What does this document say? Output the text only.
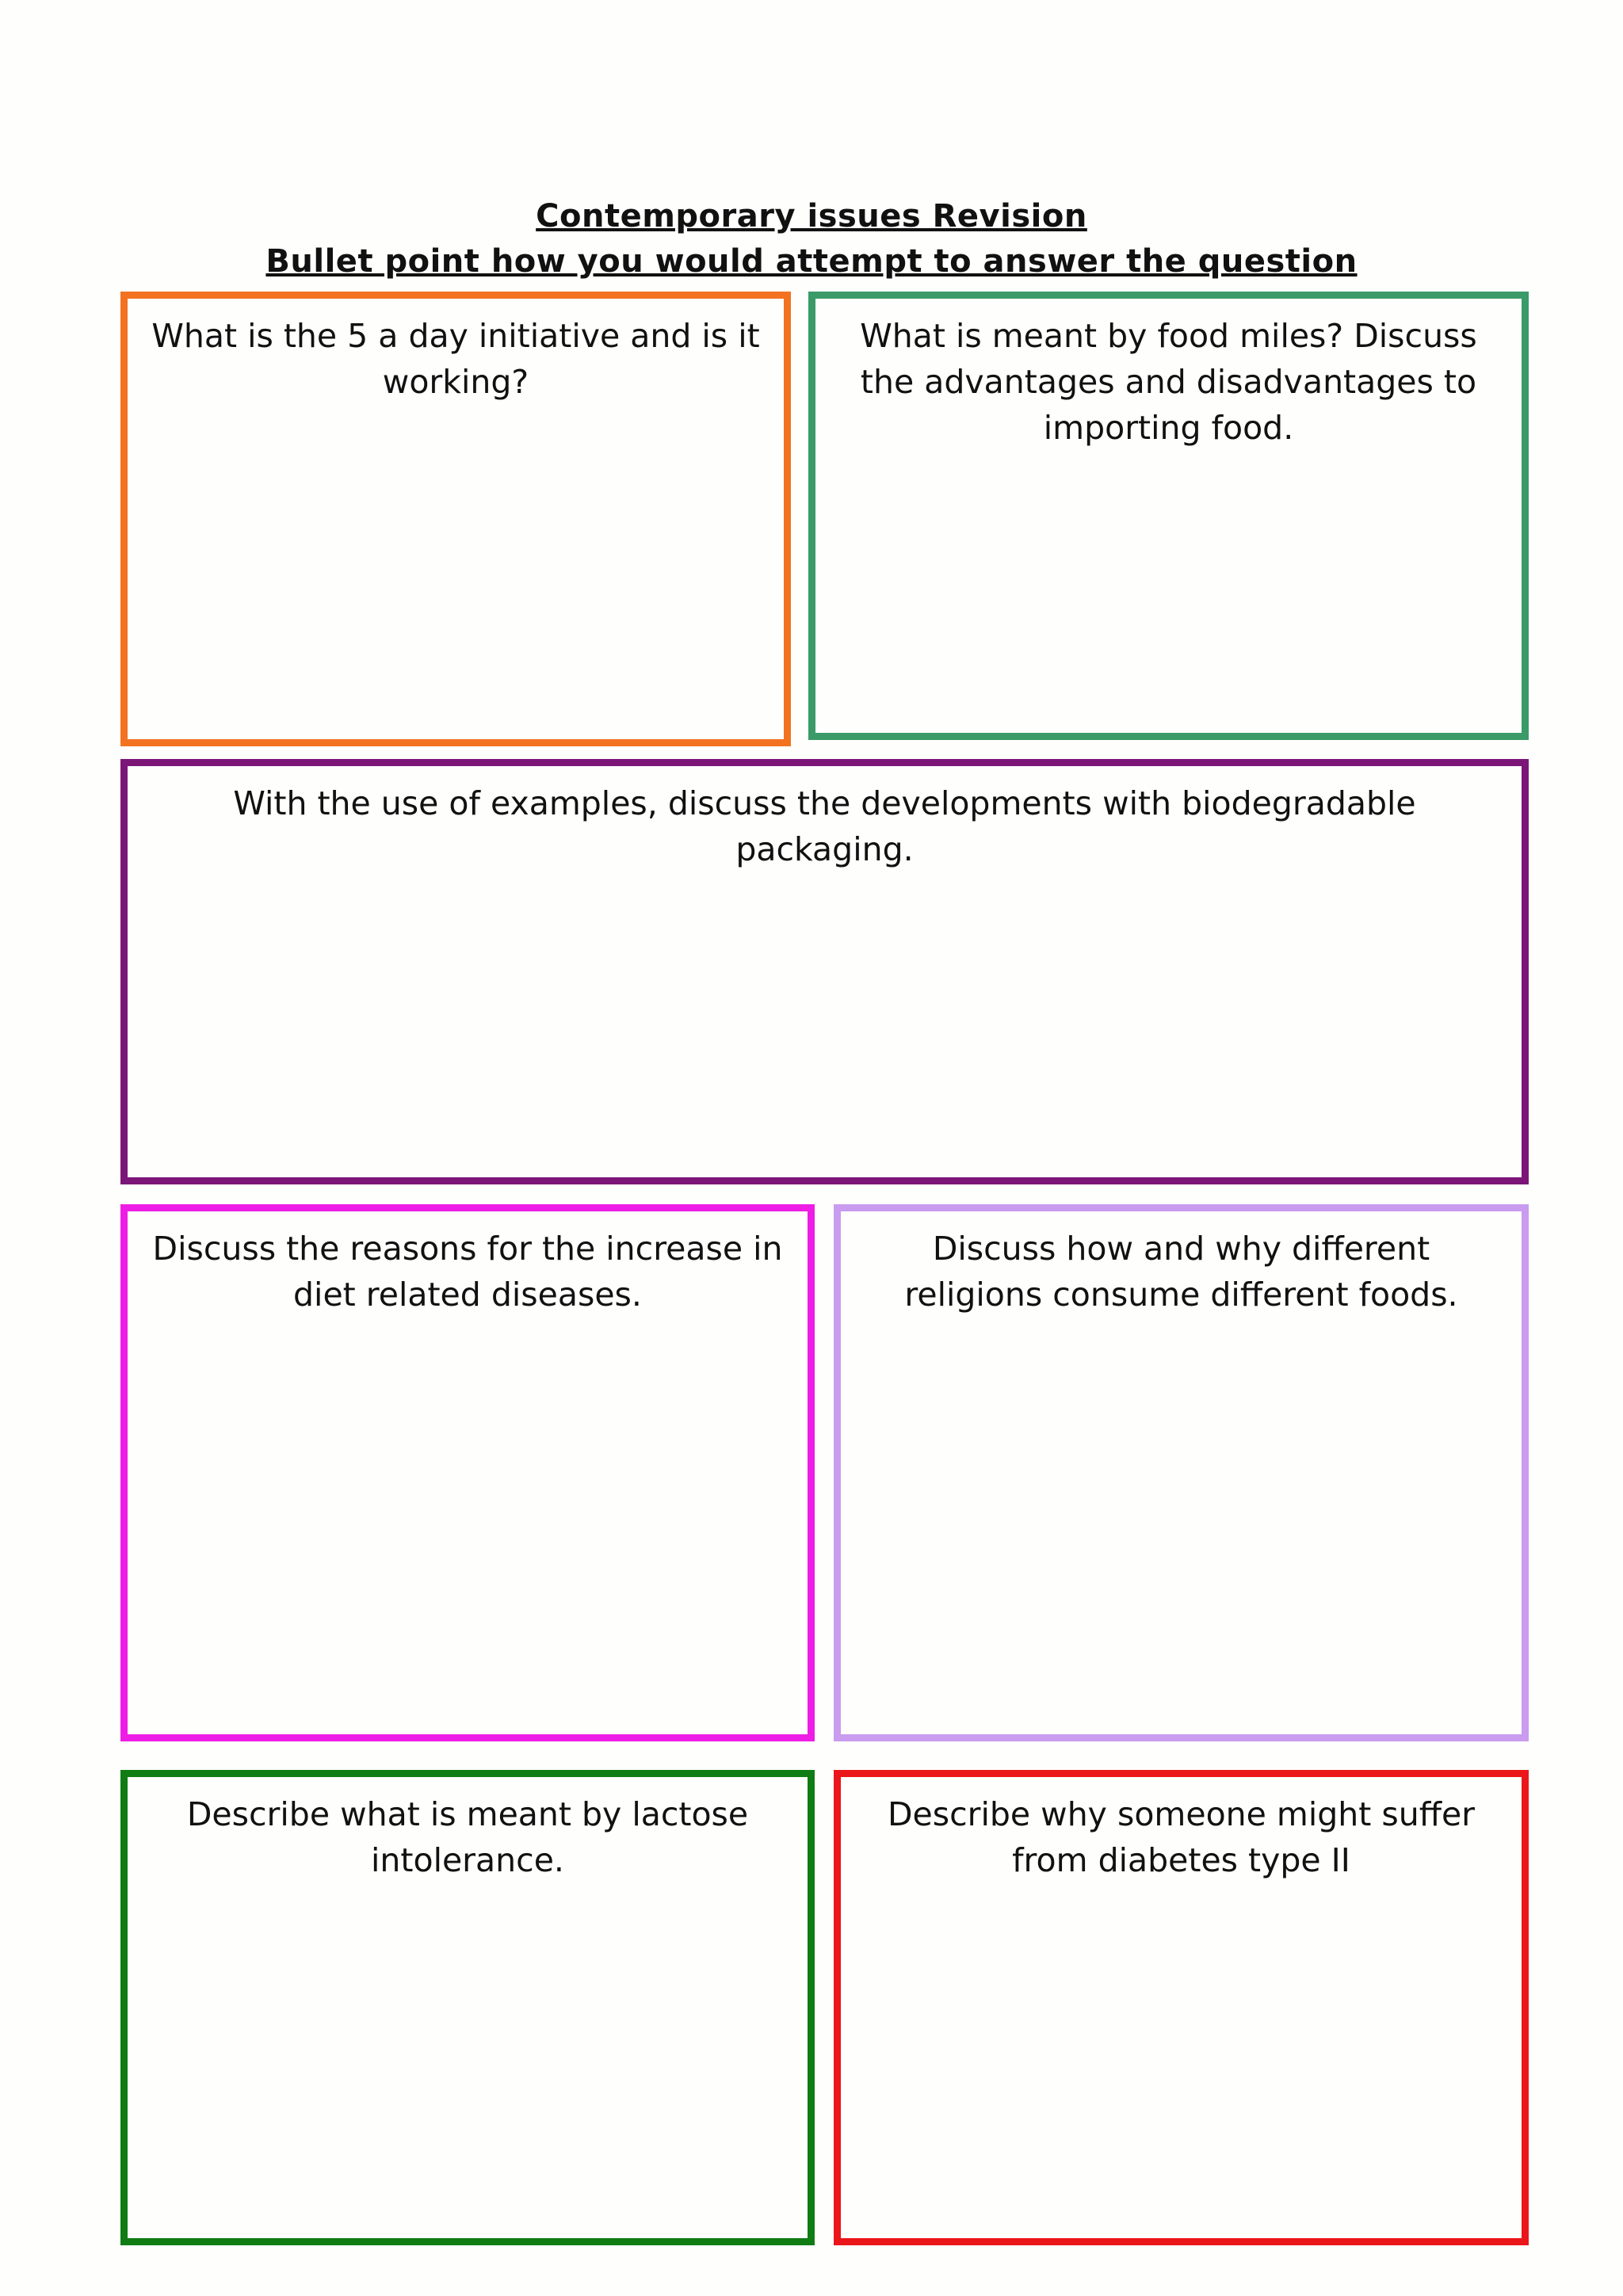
Contemporary issues Revision
Bullet point how you would attempt to answer the question
What is the 5 a day initiative and is it working?
What is meant by food miles? Discuss the advantages and disadvantages to importing food.
With the use of examples, discuss the developments with biodegradable packaging.
Discuss the reasons for the increase in diet related diseases.
Discuss how and why different religions consume different foods.
Describe what is meant by lactose intolerance.
Describe why someone might suffer from diabetes type II
